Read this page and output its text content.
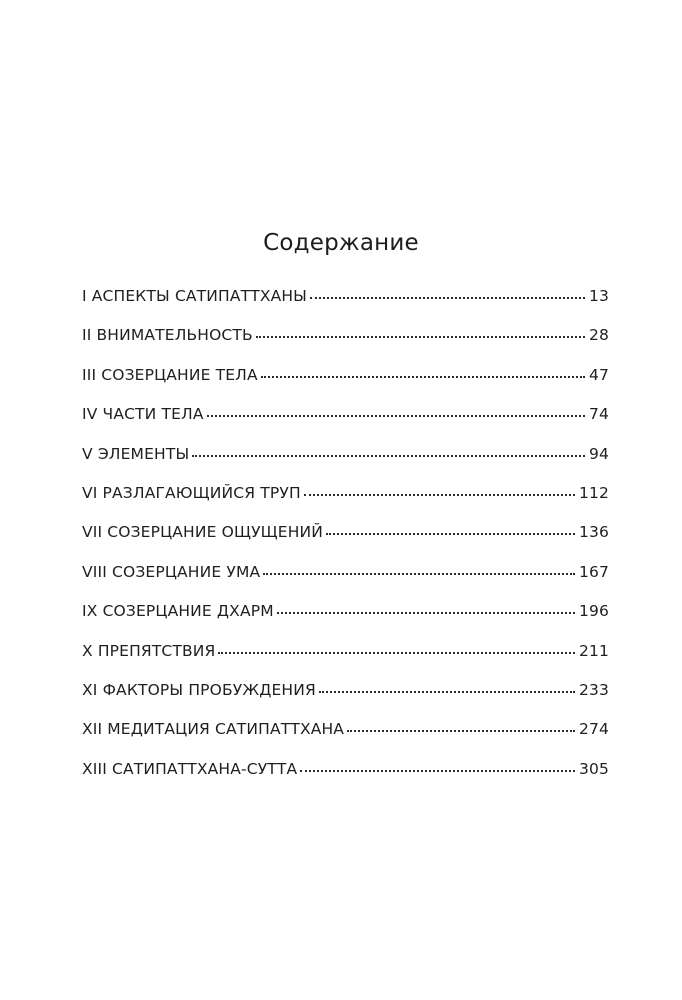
Содержание
I АСПЕКТЫ САТИПАТТХАНЫ	13
II ВНИМАТЕЛЬНОСТЬ	28
III СОЗЕРЦАНИЕ ТЕЛА	47
IV ЧАСТИ ТЕЛА	74
V ЭЛЕМЕНТЫ	94
VI РАЗЛАГАЮЩИЙСЯ ТРУП	112
VII СОЗЕРЦАНИЕ ОЩУЩЕНИЙ	136
VIII СОЗЕРЦАНИЕ УМА	167
IX СОЗЕРЦАНИЕ ДХАРМ	196
X ПРЕПЯТСТВИЯ	211
XI ФАКТОРЫ ПРОБУЖДЕНИЯ	233
XII МЕДИТАЦИЯ САТИПАТТХАНА	274
XIII САТИПАТТХАНА-СУТТА	305
